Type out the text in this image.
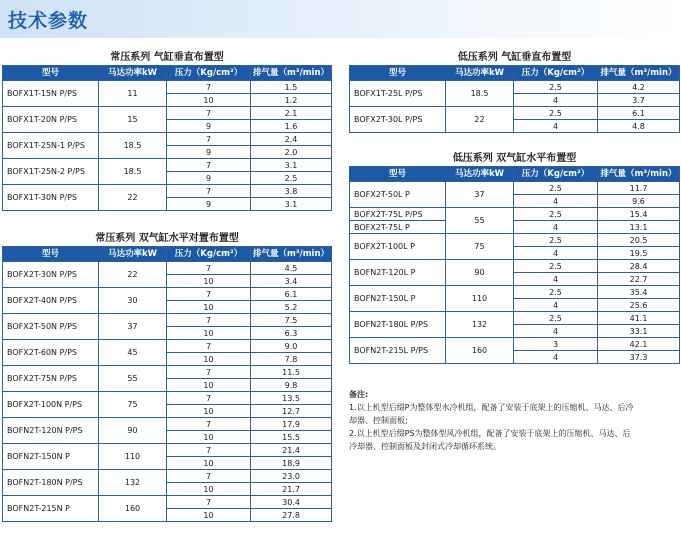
技术参数
常压系列 气缸垂直布置型			
型号	马达功率kW	压力（Kg/cm²）	排气量（m³/min）
BOFX1T-15N P/PS	11	7	1.5
		10	1.2
BOFX1T-20N P/PS	15	7	2.1
		9	1.6
BOFX1T-25N-1 P/PS	18.5	7	2.4
		9	2.0
BOFX1T-25N-2 P/PS	18.5	7	3.1
		9	2.5
BOFX1T-30N P/PS	22	7	3.8
		9	3.1
常压系列 双气缸水平对置布置型			
型号	马达功率kW	压力（Kg/cm²）	排气量（m³/min）
BOFX2T-30N P/PS	22	7	4.5
		10	3.4
BOFX2T-40N P/PS	30	7	6.1
		10	5.2
BOFX2T-50N P/PS	37	7	7.5
		10	6.3
BOFX2T-60N P/PS	45	7	9.0
		10	7.8
BOFX2T-75N P/PS	55	7	11.5
		10	9.8
BOFX2T-100N P/PS	75	7	13.5
		10	12.7
BOFN2T-120N P/PS	90	7	17.9
		10	15.5
BOFN2T-150N P	110	7	21.4
		10	18.9
BOFN2T-180N P/PS	132	7	23.0
		10	21.7
BOFN2T-215N P	160	7	30.4
		10	27.8
低压系列 气缸垂直布置型			
型号	马达功率kW	压力（Kg/cm²）	排气量（m³/min）
BOFX1T-25L P/PS	18.5	2.5	4.2
		4	3.7
BOFX2T-30L P/PS	22	2.5	6.1
		4	4.8
低压系列 双气缸水平布置型			
型号	马达功率kW	压力（Kg/cm²）	排气量（m³/min）
BOFX2T-50L P	37	2.5	11.7
		4	9.6
BOFX2T-75L P/PS	55	2.5	15.4
BOFX2T-75L P		4	13.1
BOFX2T-100L P	75	2.5	20.5
		4	19.5
BOFN2T-120L P	90	2.5	28.4
		4	22.7
BOFN2T-150L P	110	2.5	35.4
		4	25.6
BOFN2T-180L P/PS	132	2.5	41.1
		4	33.1
BOFN2T-215L P/PS	160	3	42.1
		4	37.3
备注:
1.以上机型后缀P为整体型水冷机组，配备了安装于底架上的压缩机、马达、后冷
却器、控制面板;
2.以上机型后缀PS为整体型风冷机组，配备了安装于底架上的压缩机、马达、后
冷却器、控制面板及封闭式冷却循环系统。
